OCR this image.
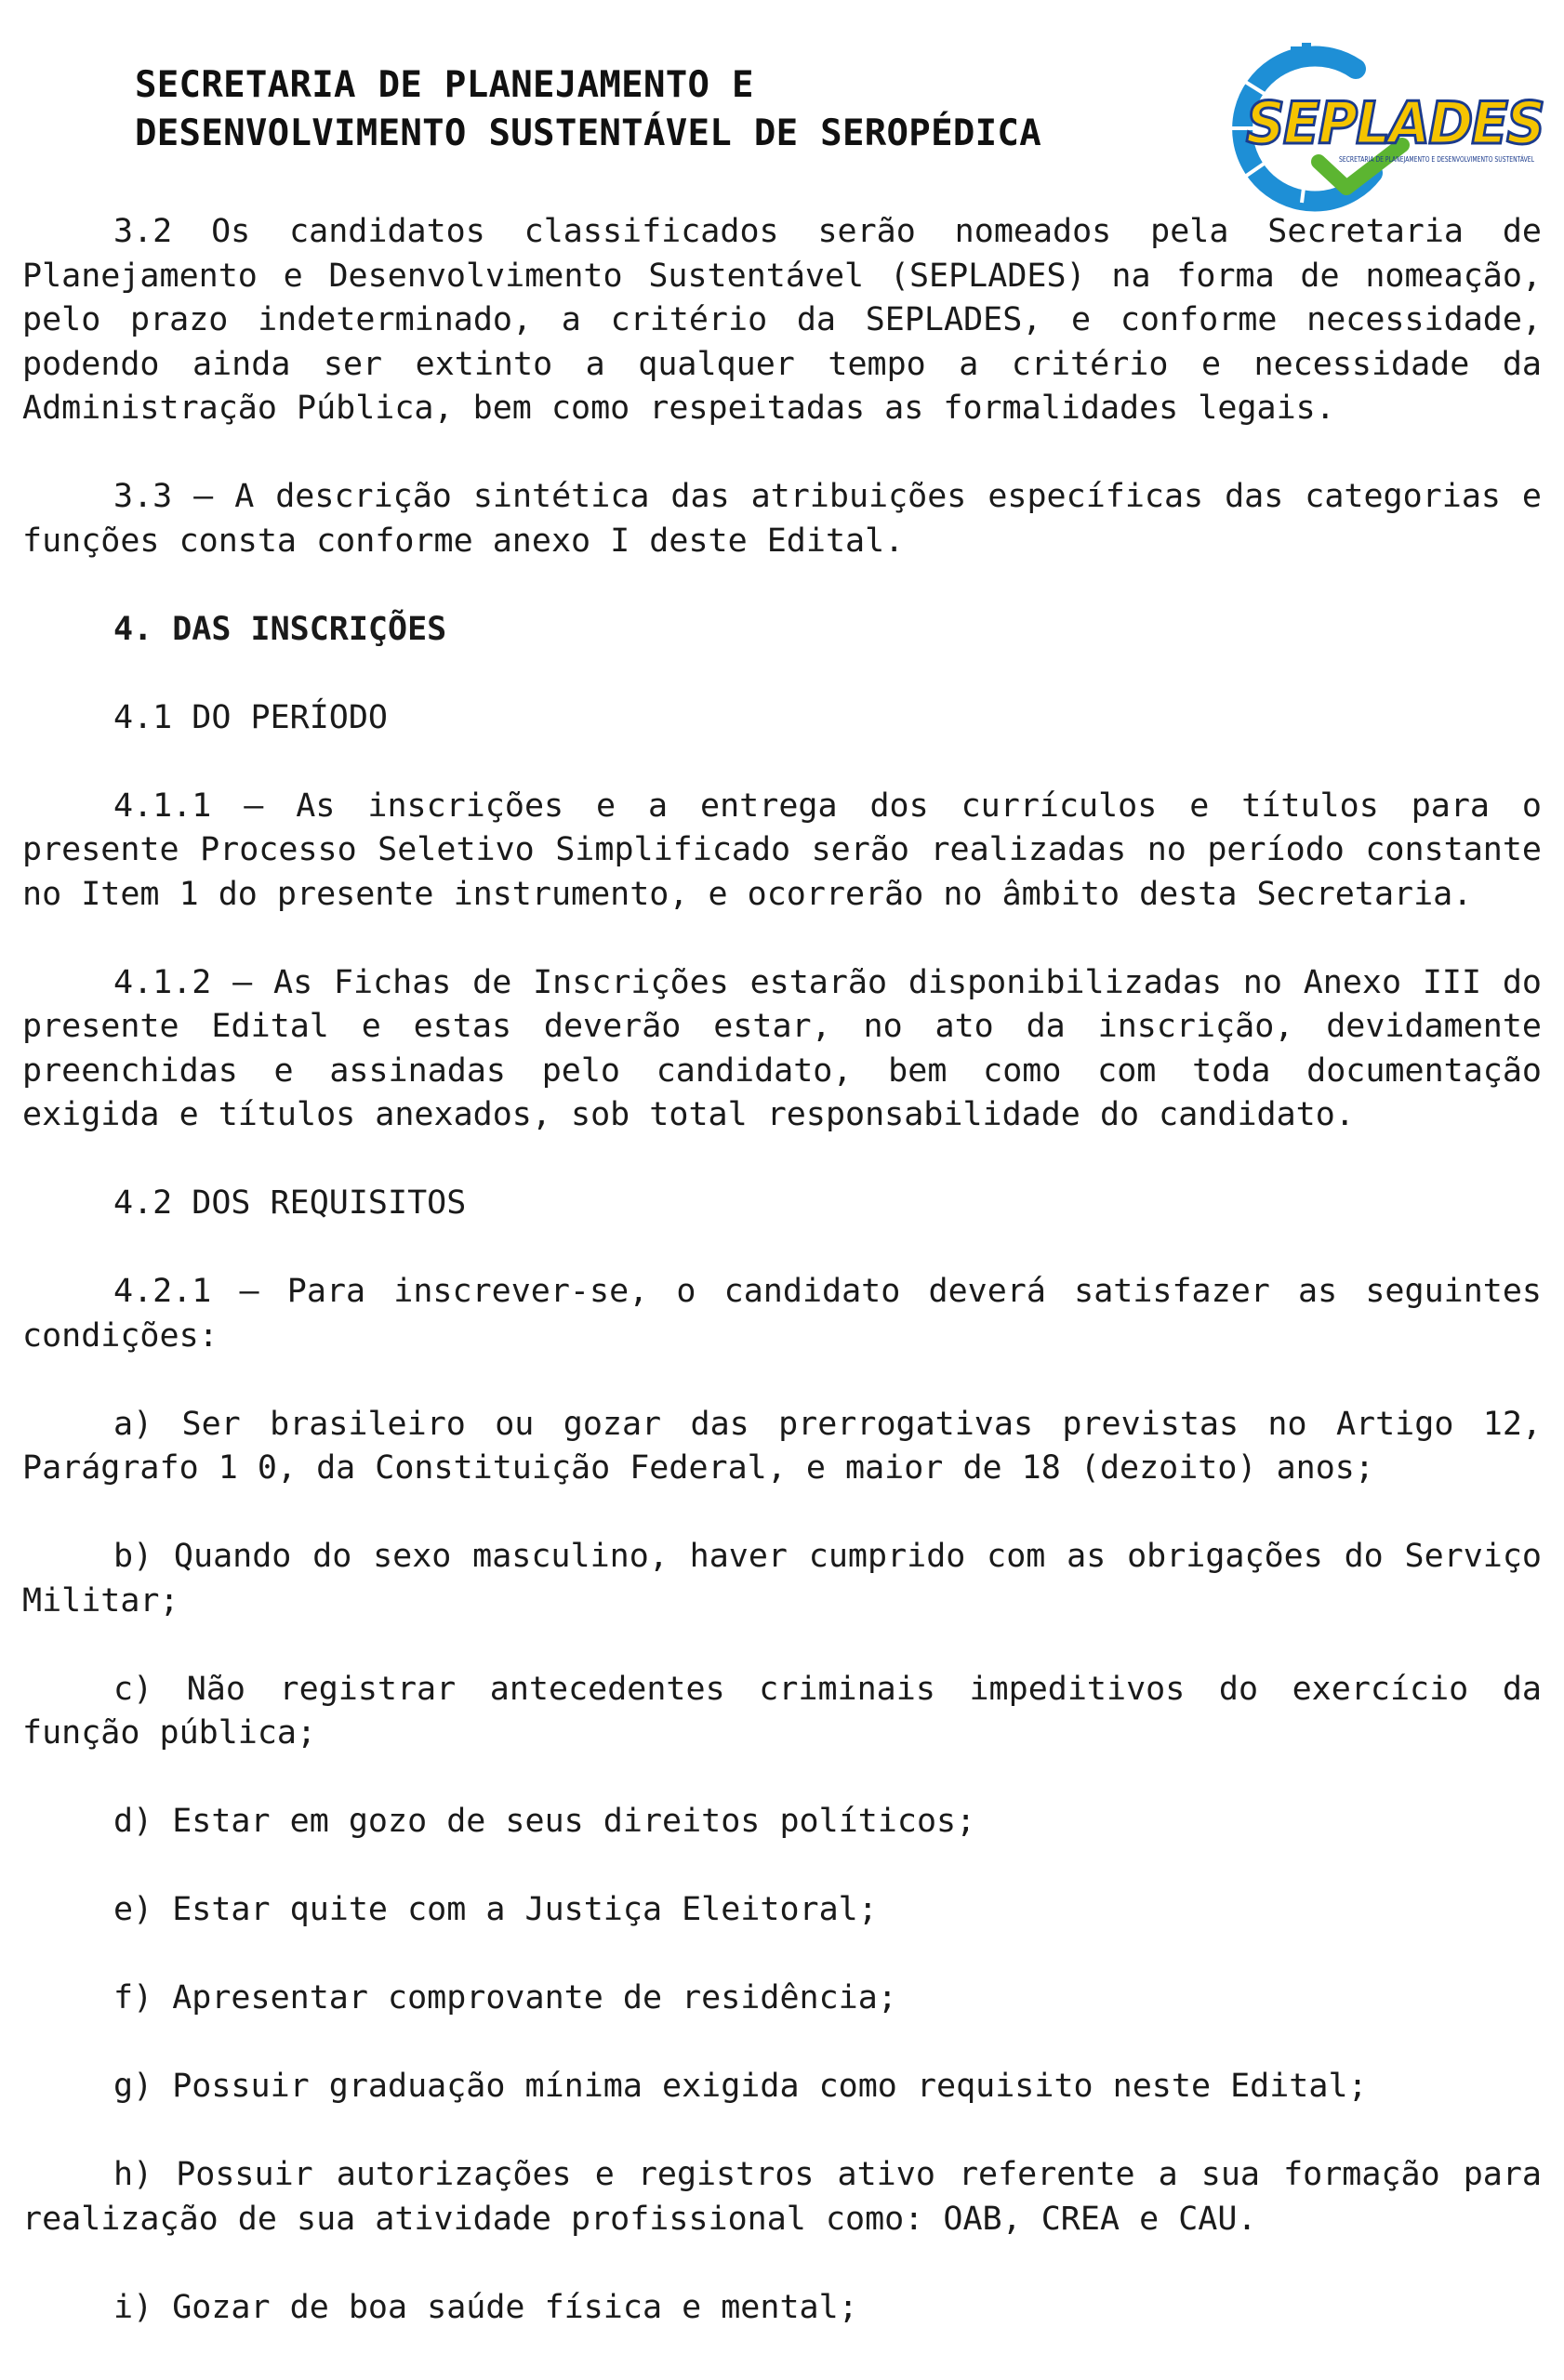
SECRETARIA DE PLANEJAMENTO E
DESENVOLVIMENTO SUSTENTÁVEL DE SEROPÉDICA	SEPLADES
SECRETARIA DE PLANEJAMENTO E DESENVOLVIMENTO SUSTENTÁVEL

3.2 Os candidatos classificados serão nomeados pela Secretaria de Planejamento e Desenvolvimento Sustentável (SEPLADES) na forma de nomeação, pelo prazo indeterminado, a critério da SEPLADES, e conforme necessidade, podendo ainda ser extinto a qualquer tempo a critério e necessidade da Administração Pública, bem como respeitadas as formalidades legais.

3.3 – A descrição sintética das atribuições específicas das categorias e funções consta conforme anexo I deste Edital.

4. DAS INSCRIÇÕES

4.1 DO PERÍODO

4.1.1 – As inscrições e a entrega dos currículos e títulos para o presente Processo Seletivo Simplificado serão realizadas no período constante no Item 1 do presente instrumento, e ocorrerão no âmbito desta Secretaria.

4.1.2 – As Fichas de Inscrições estarão disponibilizadas no Anexo III do presente Edital e estas deverão estar, no ato da inscrição, devidamente preenchidas e assinadas pelo candidato, bem como com toda documentação exigida e títulos anexados, sob total responsabilidade do candidato.

4.2 DOS REQUISITOS

4.2.1 – Para inscrever-se, o candidato deverá satisfazer as seguintes condições:

a) Ser brasileiro ou gozar das prerrogativas previstas no Artigo 12, Parágrafo 1 0, da Constituição Federal, e maior de 18 (dezoito) anos;

b) Quando do sexo masculino, haver cumprido com as obrigações do Serviço Militar;

c) Não registrar antecedentes criminais impeditivos do exercício da função pública;

d) Estar em gozo de seus direitos políticos;

e) Estar quite com a Justiça Eleitoral;

f) Apresentar comprovante de residência;

g) Possuir graduação mínima exigida como requisito neste Edital;

h) Possuir autorizações e registros ativo referente a sua formação para realização de sua atividade profissional como: OAB, CREA e CAU.

i) Gozar de boa saúde física e mental;
